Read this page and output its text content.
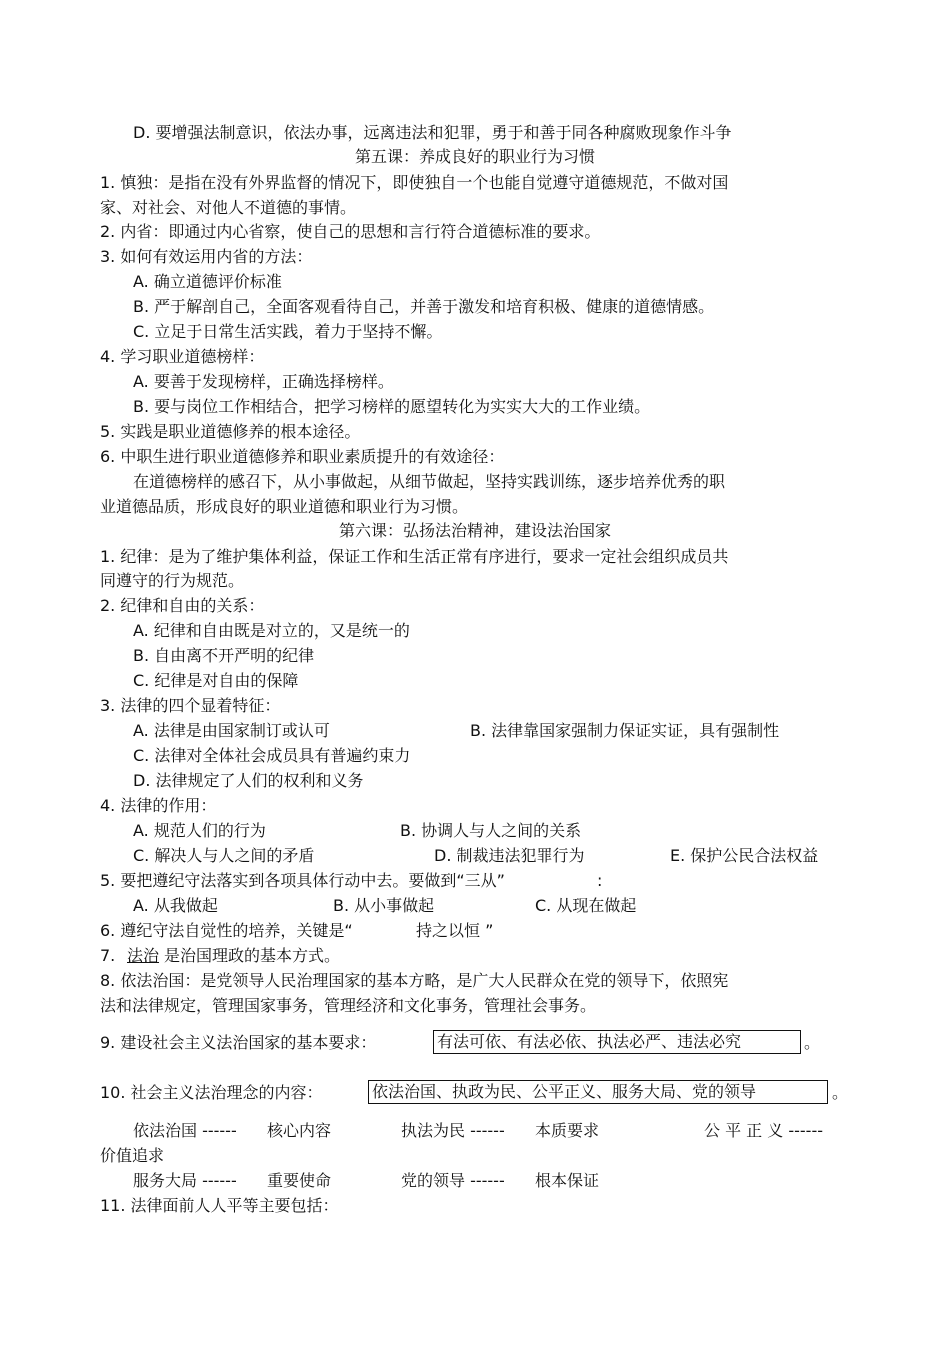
D. 要增强法制意识，依法办事，远离违法和犯罪，勇于和善于同各种腐败现象作斗争
第五课：养成良好的职业行为习惯
1. 慎独：是指在没有外界监督的情况下，即使独自一个也能自觉遵守道德规范，不做对国
家、对社会、对他人不道德的事情。
2. 内省：即通过内心省察，使自己的思想和言行符合道德标准的要求。
3. 如何有效运用内省的方法：
A. 确立道德评价标准
B. 严于解剖自己，全面客观看待自己，并善于激发和培育积极、健康的道德情感。
C. 立足于日常生活实践，着力于坚持不懈。
4. 学习职业道德榜样：
A. 要善于发现榜样，正确选择榜样。
B. 要与岗位工作相结合，把学习榜样的愿望转化为实实大大的工作业绩。
5. 实践是职业道德修养的根本途径。
6. 中职生进行职业道德修养和职业素质提升的有效途径：
在道德榜样的感召下，从小事做起，从细节做起，坚持实践训练，逐步培养优秀的职
业道德品质，形成良好的职业道德和职业行为习惯。
第六课：弘扬法治精神，建设法治国家
1. 纪律：是为了维护集体利益，保证工作和生活正常有序进行，要求一定社会组织成员共
同遵守的行为规范。
2. 纪律和自由的关系：
A. 纪律和自由既是对立的，又是统一的
B. 自由离不开严明的纪律
C. 纪律是对自由的保障
3. 法律的四个显着特征：
A. 法律是由国家制订或认可	B. 法律靠国家强制力保证实证，具有强制性
C. 法律对全体社会成员具有普遍约束力
D. 法律规定了人们的权利和义务
4. 法律的作用：
A. 规范人们的行为	B. 协调人与人之间的关系
C. 解决人与人之间的矛盾	D. 制裁违法犯罪行为	E. 保护公民合法权益
5. 要把遵纪守法落实到各项具体行动中去。要做到“三从”	:
A. 从我做起	B. 从小事做起	C. 从现在做起
6. 遵纪守法自觉性的培养，关键是“	持之以恒 ”
7. 法治 是治国理政的基本方式。
8. 依法治国：是党领导人民治理国家的基本方略，是广大人民群众在党的领导下，依照宪
法和法律规定，管理国家事务，管理经济和文化事务，管理社会事务。
9. 建设社会主义法治国家的基本要求：	有法可依、有法必依、执法必严、违法必究	。
10. 社会主义法治理念的内容：	依法治国、执政为民、公平正义、服务大局、党的领导	。
依法治国 ------ 核心内容	执法为民 ------ 本质要求	公 平 正 义 ------
价值追求
服务大局 ------ 重要使命	党的领导 ------ 根本保证
11. 法律面前人人平等主要包括：
